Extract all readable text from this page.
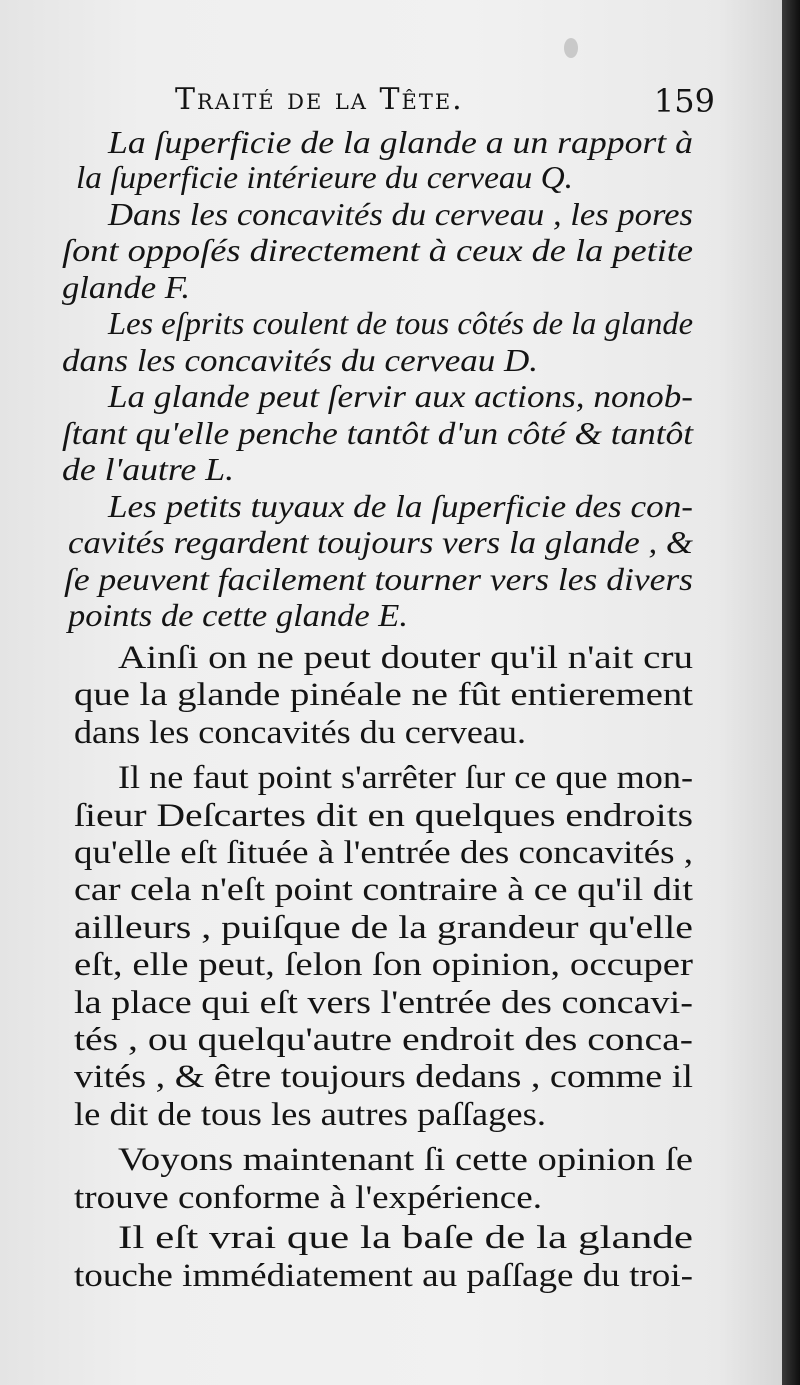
Traité de la Tête.	159
La ſuperficie de la glande a un rapport à
la ſuperficie intérieure du cerveau Q.
Dans les concavités du cerveau , les pores
ſont oppoſés directement à ceux de la petite
glande F.
Les eſprits coulent de tous côtés de la glande
dans les concavités du cerveau D.
La glande peut ſervir aux actions, nonob-
ſtant qu'elle penche tantôt d'un côté & tantôt
de l'autre L.
Les petits tuyaux de la ſuperficie des con-
cavités regardent toujours vers la glande , &
ſe peuvent facilement tourner vers les divers
points de cette glande E.
Ainſi on ne peut douter qu'il n'ait cru
que la glande pinéale ne fût entierement
dans les concavités du cerveau.
Il ne faut point s'arrêter ſur ce que mon-
ſieur Deſcartes dit en quelques endroits
qu'elle eſt ſituée à l'entrée des concavités ,
car cela n'eſt point contraire à ce qu'il dit
ailleurs , puiſque de la grandeur qu'elle
eſt, elle peut, ſelon ſon opinion, occuper
la place qui eſt vers l'entrée des concavi-
tés , ou quelqu'autre endroit des conca-
vités , & être toujours dedans , comme il
le dit de tous les autres paſſages.
Voyons maintenant ſi cette opinion ſe
trouve conforme à l'expérience.
Il eſt vrai que la baſe de la glande
touche immédiatement au paſſage du troi-
